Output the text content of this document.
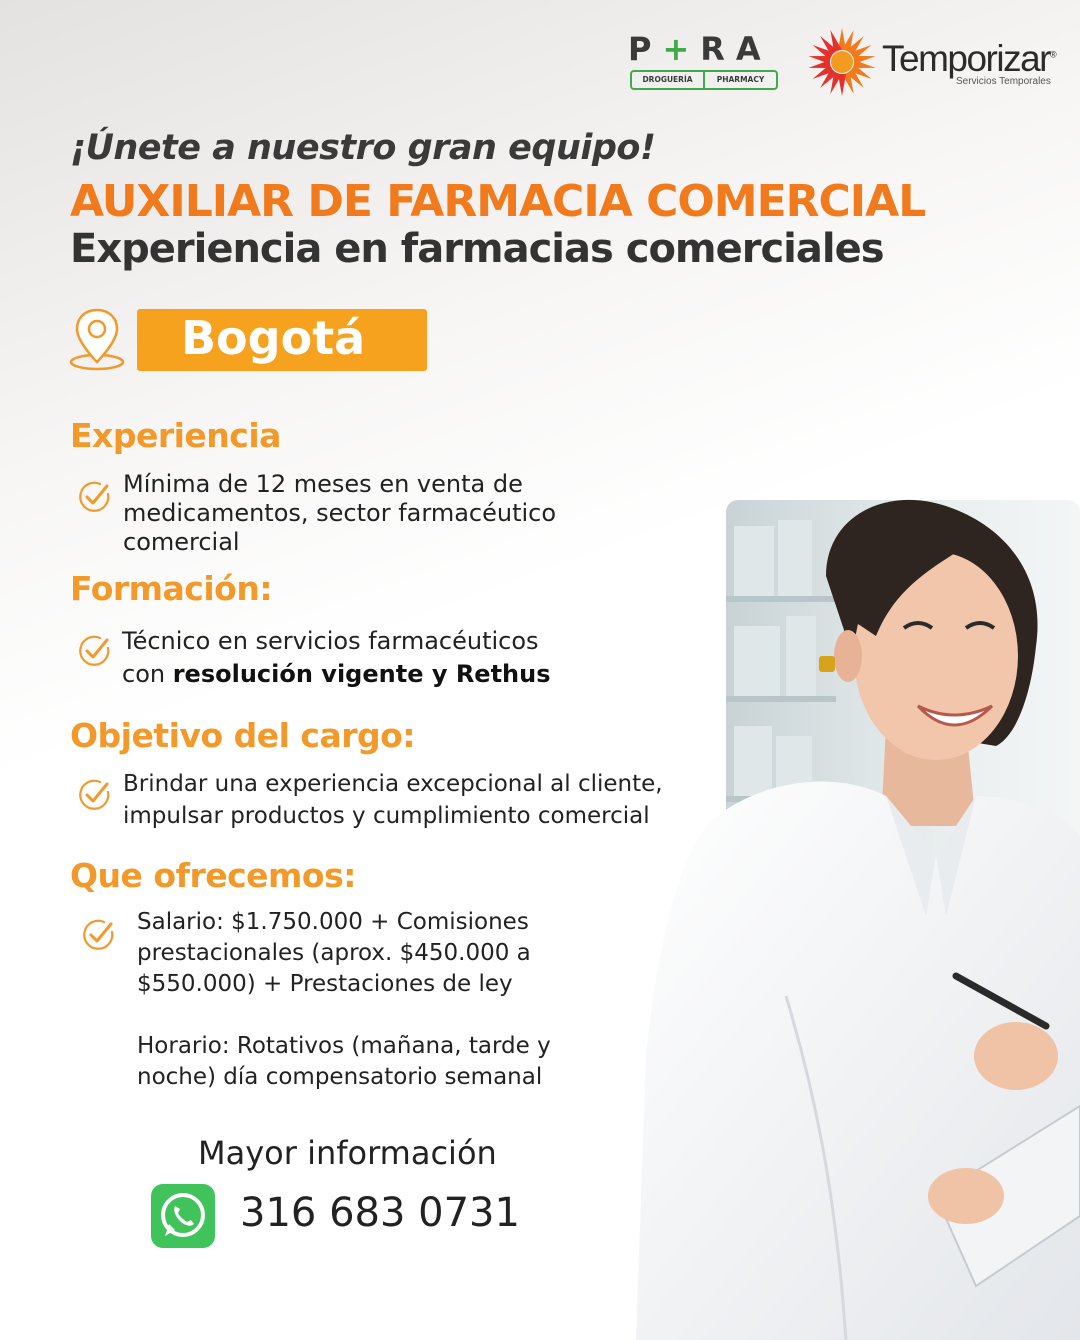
P+RA
DROGUERÍA	PHARMACY
Temporizar®
Servicios Temporales
¡Únete a nuestro gran equipo!
AUXILIAR DE FARMACIA COMERCIAL
Experiencia en farmacias comerciales
Bogotá
Experiencia
Mínima de 12 meses en venta de
medicamentos, sector farmacéutico
comercial
Formación:
Técnico en servicios farmacéuticos
con resolución vigente y Rethus
Objetivo del cargo:
Brindar una experiencia excepcional al cliente,
impulsar productos y cumplimiento comercial
Que ofrecemos:
Salario: $1.750.000 + Comisiones
prestacionales (aprox. $450.000 a
$550.000) + Prestaciones de ley
Horario: Rotativos (mañana, tarde y
noche) día compensatorio semanal
Mayor información
316 683 0731
